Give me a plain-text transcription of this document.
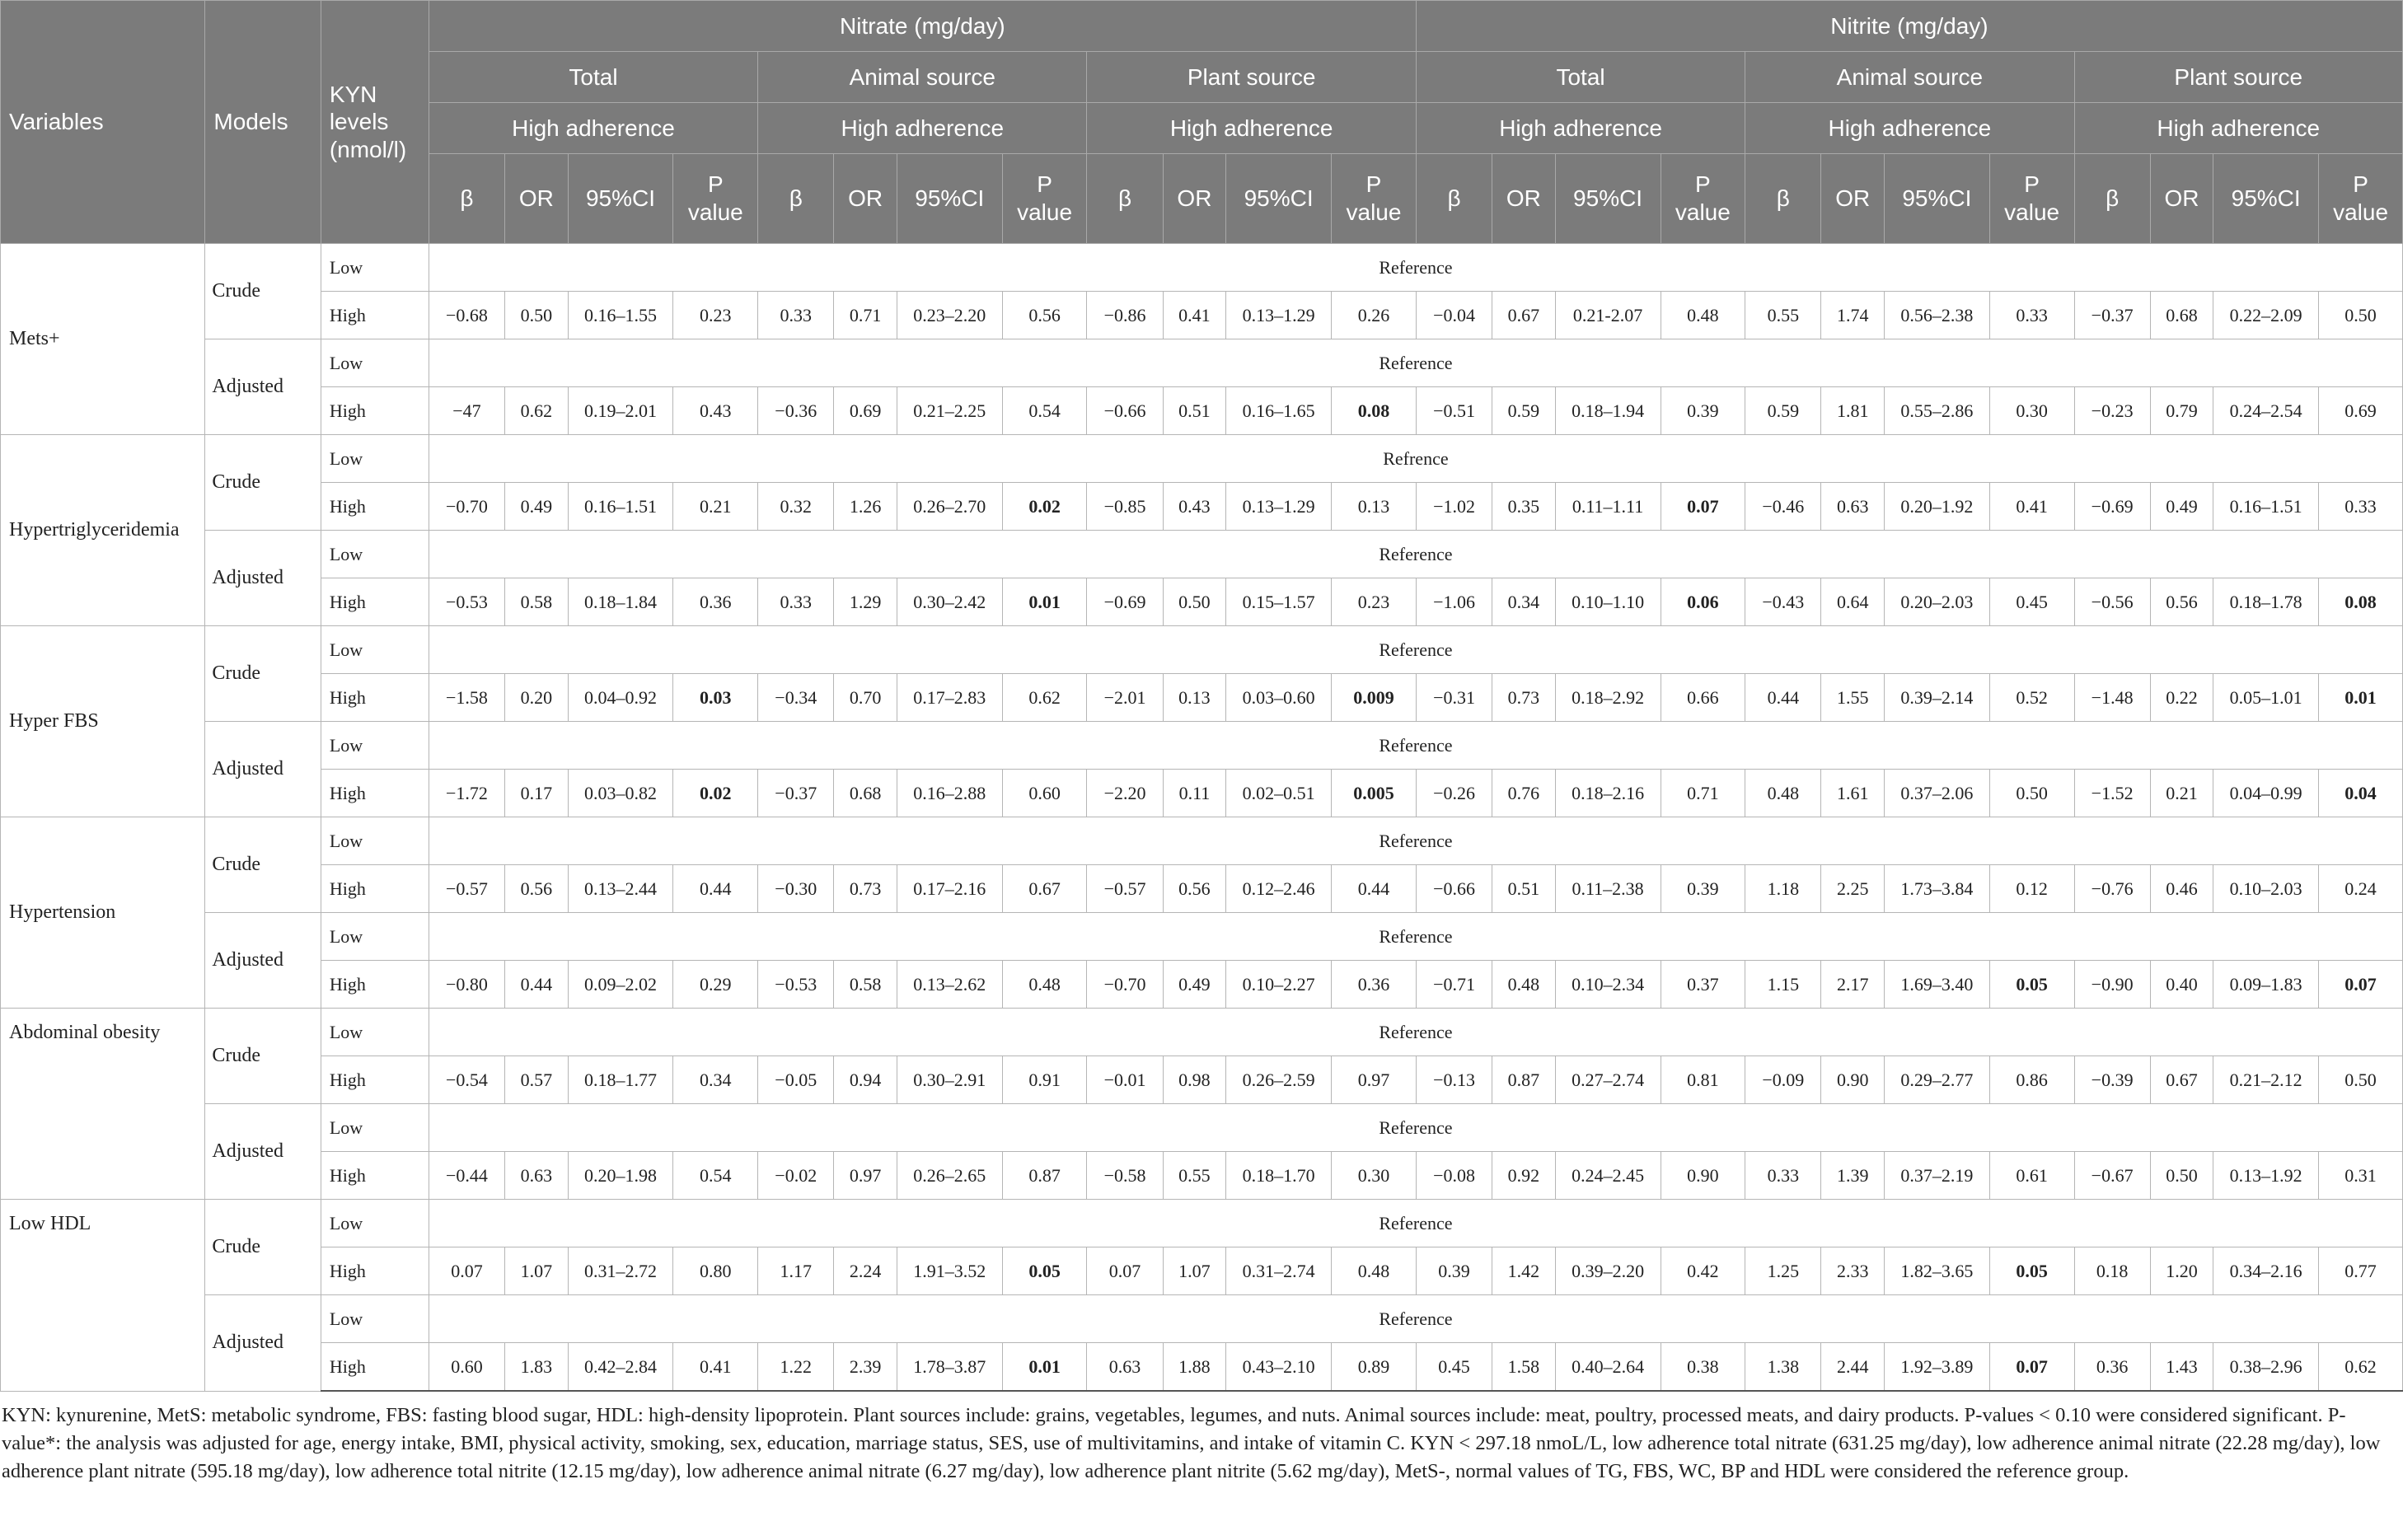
Variables	Models	KYN levels (nmol/l)	Nitrate (mg/day)												Nitrite (mg/day)											
			Total				Animal source				Plant source				Total				Animal source				Plant source			
			High adherence				High adherence				High adherence				High adherence				High adherence				High adherence			
			β	OR	95%CI	P value	β	OR	95%CI	P value	β	OR	95%CI	P value	β	OR	95%CI	P value	β	OR	95%CI	P value	β	OR	95%CI	P value
Mets+	Crude	Low	Reference																							
		High	−0.68	0.50	0.16–1.55	0.23	0.33	0.71	0.23–2.20	0.56	−0.86	0.41	0.13–1.29	0.26	−0.04	0.67	0.21-2.07	0.48	0.55	1.74	0.56–2.38	0.33	−0.37	0.68	0.22–2.09	0.50
	Adjusted	Low	Reference																							
		High	−47	0.62	0.19–2.01	0.43	−0.36	0.69	0.21–2.25	0.54	−0.66	0.51	0.16–1.65	0.08	−0.51	0.59	0.18–1.94	0.39	0.59	1.81	0.55–2.86	0.30	−0.23	0.79	0.24–2.54	0.69
Hypertriglyceridemia	Crude	Low	Refrence																							
		High	−0.70	0.49	0.16–1.51	0.21	0.32	1.26	0.26–2.70	0.02	−0.85	0.43	0.13–1.29	0.13	−1.02	0.35	0.11–1.11	0.07	−0.46	0.63	0.20–1.92	0.41	−0.69	0.49	0.16–1.51	0.33
	Adjusted	Low	Reference																							
		High	−0.53	0.58	0.18–1.84	0.36	0.33	1.29	0.30–2.42	0.01	−0.69	0.50	0.15–1.57	0.23	−1.06	0.34	0.10–1.10	0.06	−0.43	0.64	0.20–2.03	0.45	−0.56	0.56	0.18–1.78	0.08
Hyper FBS	Crude	Low	Reference																							
		High	−1.58	0.20	0.04–0.92	0.03	−0.34	0.70	0.17–2.83	0.62	−2.01	0.13	0.03–0.60	0.009	−0.31	0.73	0.18–2.92	0.66	0.44	1.55	0.39–2.14	0.52	−1.48	0.22	0.05–1.01	0.01
	Adjusted	Low	Reference																							
		High	−1.72	0.17	0.03–0.82	0.02	−0.37	0.68	0.16–2.88	0.60	−2.20	0.11	0.02–0.51	0.005	−0.26	0.76	0.18–2.16	0.71	0.48	1.61	0.37–2.06	0.50	−1.52	0.21	0.04–0.99	0.04
Hypertension	Crude	Low	Reference																							
		High	−0.57	0.56	0.13–2.44	0.44	−0.30	0.73	0.17–2.16	0.67	−0.57	0.56	0.12–2.46	0.44	−0.66	0.51	0.11–2.38	0.39	1.18	2.25	1.73–3.84	0.12	−0.76	0.46	0.10–2.03	0.24
	Adjusted	Low	Reference																							
		High	−0.80	0.44	0.09–2.02	0.29	−0.53	0.58	0.13–2.62	0.48	−0.70	0.49	0.10–2.27	0.36	−0.71	0.48	0.10–2.34	0.37	1.15	2.17	1.69–3.40	0.05	−0.90	0.40	0.09–1.83	0.07
Abdominal obesity	Crude	Low	Reference																							
		High	−0.54	0.57	0.18–1.77	0.34	−0.05	0.94	0.30–2.91	0.91	−0.01	0.98	0.26–2.59	0.97	−0.13	0.87	0.27–2.74	0.81	−0.09	0.90	0.29–2.77	0.86	−0.39	0.67	0.21–2.12	0.50
	Adjusted	Low	Reference																							
		High	−0.44	0.63	0.20–1.98	0.54	−0.02	0.97	0.26–2.65	0.87	−0.58	0.55	0.18–1.70	0.30	−0.08	0.92	0.24–2.45	0.90	0.33	1.39	0.37–2.19	0.61	−0.67	0.50	0.13–1.92	0.31
Low HDL	Crude	Low	Reference																							
		High	0.07	1.07	0.31–2.72	0.80	1.17	2.24	1.91–3.52	0.05	0.07	1.07	0.31–2.74	0.48	0.39	1.42	0.39–2.20	0.42	1.25	2.33	1.82–3.65	0.05	0.18	1.20	0.34–2.16	0.77
	Adjusted	Low	Reference																							
		High	0.60	1.83	0.42–2.84	0.41	1.22	2.39	1.78–3.87	0.01	0.63	1.88	0.43–2.10	0.89	0.45	1.58	0.40–2.64	0.38	1.38	2.44	1.92–3.89	0.07	0.36	1.43	0.38–2.96	0.62
KYN: kynurenine, MetS: metabolic syndrome, FBS: fasting blood sugar, HDL: high-density lipoprotein. Plant sources include: grains, vegetables, legumes, and nuts. Animal sources include: meat, poultry, processed meats, and dairy products. P-values < 0.10 were considered significant. P-value*: the analysis was adjusted for age, energy intake, BMI, physical activity, smoking, sex, education, marriage status, SES, use of multivitamins, and intake of vitamin C. KYN < 297.18 nmoL/L, low adherence total nitrate (631.25 mg/day), low adherence animal nitrate (22.28 mg/day), low adherence plant nitrate (595.18 mg/day), low adherence total nitrite (12.15 mg/day), low adherence animal nitrate (6.27 mg/day), low adherence plant nitrite (5.62 mg/day), MetS-, normal values of TG, FBS, WC, BP and HDL were considered the reference group.
